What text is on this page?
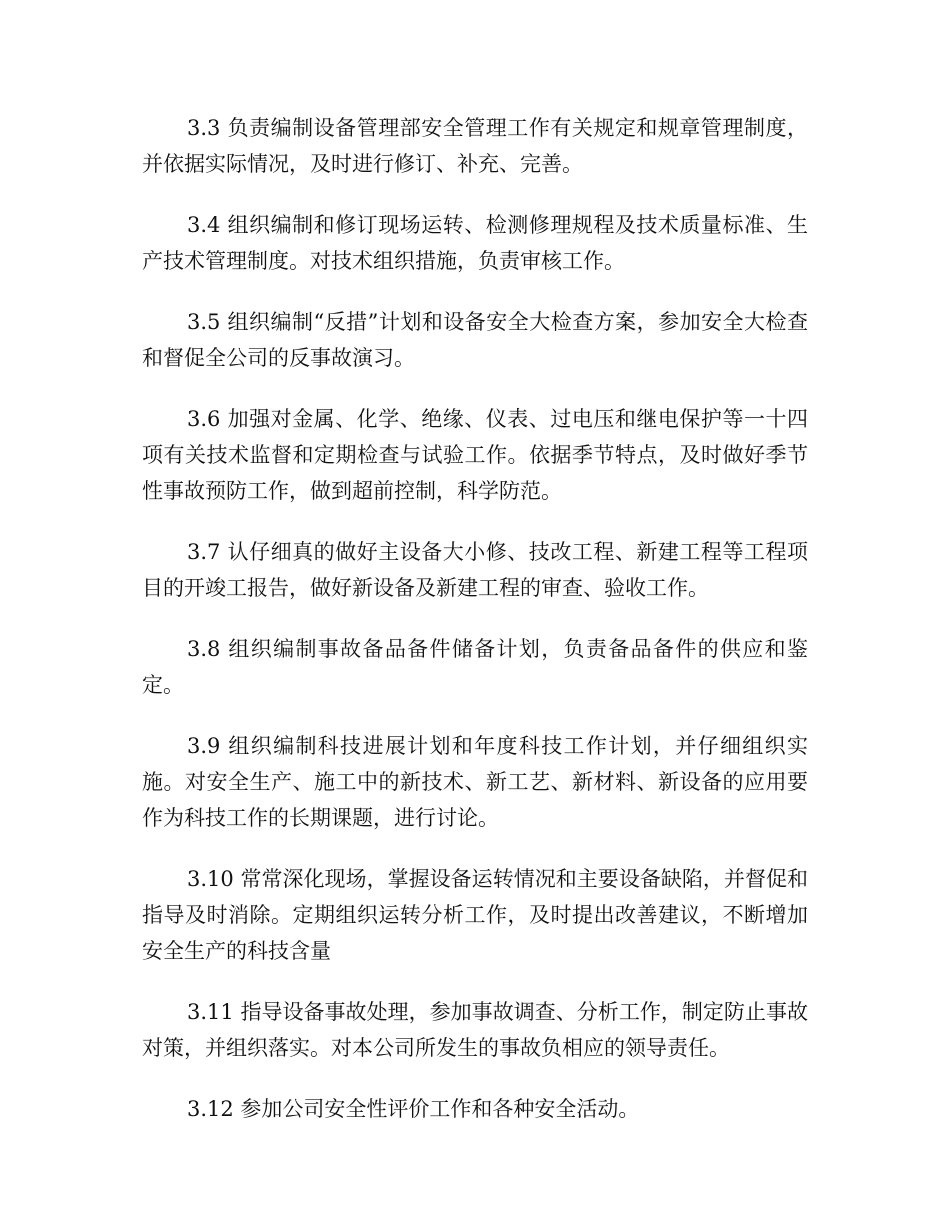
3.3 负责编制设备管理部安全管理工作有关规定和规章管理制度，并依据实际情况，及时进行修订、补充、完善。

3.4 组织编制和修订现场运转、检测修理规程及技术质量标准、生产技术管理制度。对技术组织措施，负责审核工作。

3.5 组织编制“反措”计划和设备安全大检查方案，参加安全大检查和督促全公司的反事故演习。

3.6 加强对金属、化学、绝缘、仪表、过电压和继电保护等一十四项有关技术监督和定期检查与试验工作。依据季节特点，及时做好季节性事故预防工作，做到超前控制，科学防范。

3.7 认仔细真的做好主设备大小修、技改工程、新建工程等工程项目的开竣工报告，做好新设备及新建工程的审查、验收工作。

3.8 组织编制事故备品备件储备计划，负责备品备件的供应和鉴定。

3.9 组织编制科技进展计划和年度科技工作计划，并仔细组织实施。对安全生产、施工中的新技术、新工艺、新材料、新设备的应用要作为科技工作的长期课题，进行讨论。

3.10 常常深化现场，掌握设备运转情况和主要设备缺陷，并督促和指导及时消除。定期组织运转分析工作，及时提出改善建议，不断增加安全生产的科技含量

3.11 指导设备事故处理，参加事故调查、分析工作，制定防止事故对策，并组织落实。对本公司所发生的事故负相应的领导责任。

3.12 参加公司安全性评价工作和各种安全活动。
